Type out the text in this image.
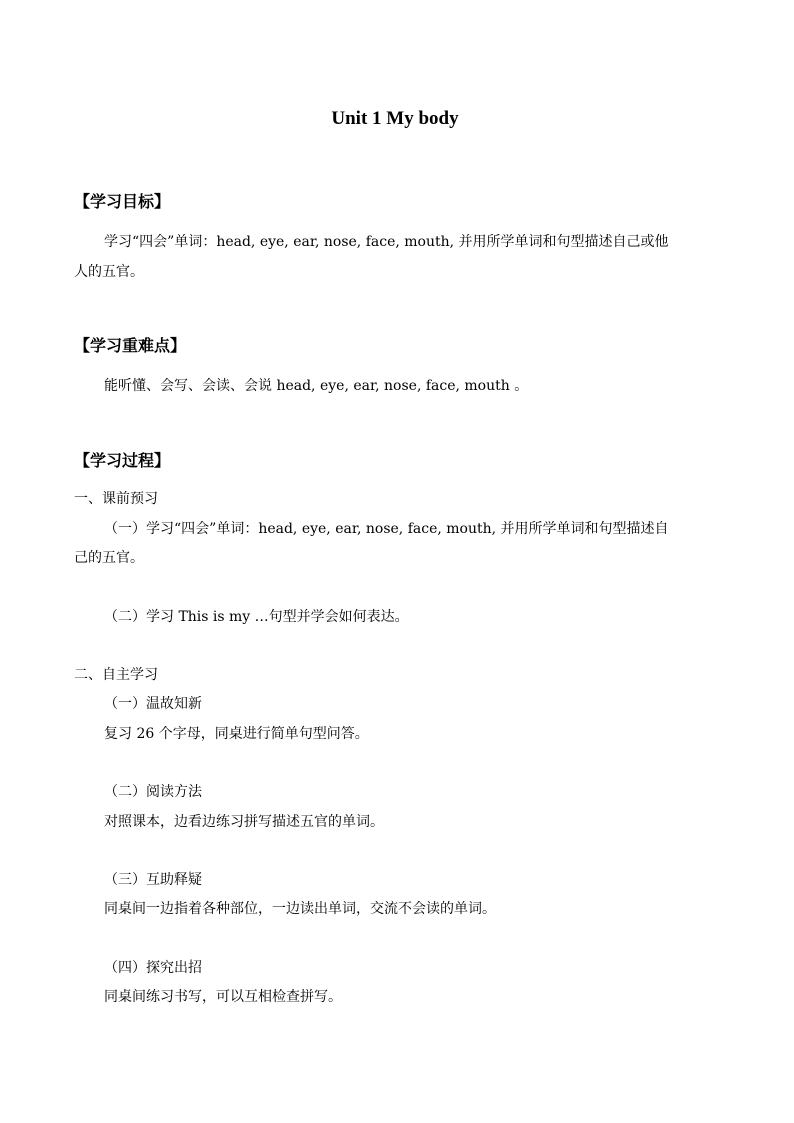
Unit 1 My body
【学习目标】
学习“四会”单词：head, eye, ear, nose, face, mouth, 并用所学单词和句型描述自己或他
人的五官。
【学习重难点】
能听懂、会写、会读、会说 head, eye, ear, nose, face, mouth 。
【学习过程】
一、课前预习
（一）学习“四会”单词：head, eye, ear, nose, face, mouth, 并用所学单词和句型描述自
己的五官。
（二）学习 This is my …句型并学会如何表达。
二、自主学习
（一）温故知新
复习 26 个字母，同桌进行简单句型问答。
（二）阅读方法
对照课本，边看边练习拼写描述五官的单词。
（三）互助释疑
同桌间一边指着各种部位，一边读出单词，交流不会读的单词。
（四）探究出招
同桌间练习书写，可以互相检查拼写。
